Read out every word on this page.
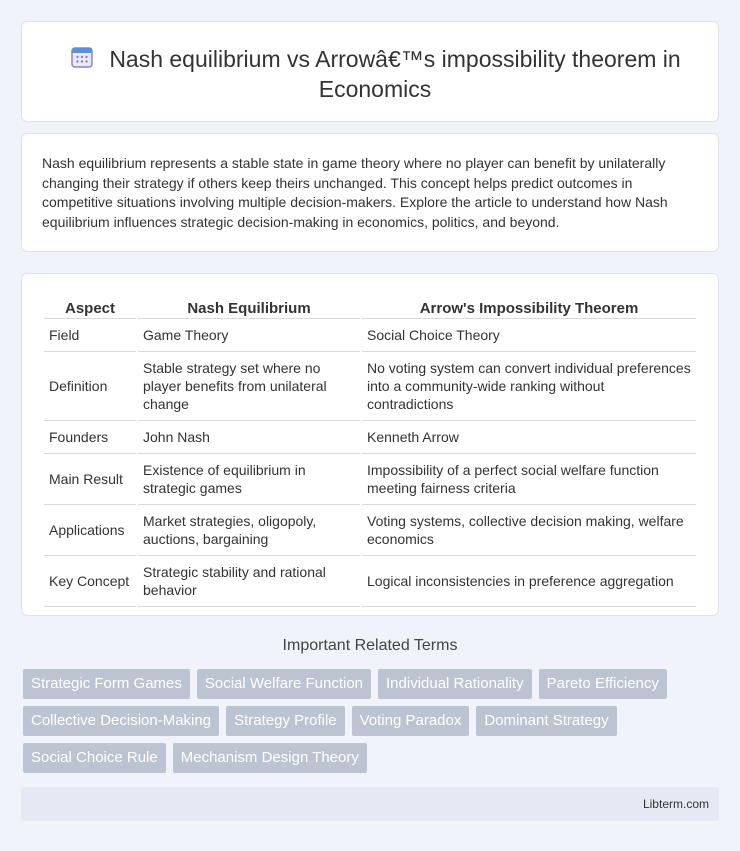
Nash equilibrium vs Arrowâ€™s impossibility theorem in Economics

Nash equilibrium represents a stable state in game theory where no player can benefit by unilaterally changing their strategy if others keep theirs unchanged. This concept helps predict outcomes in competitive situations involving multiple decision-makers. Explore the article to understand how Nash equilibrium influences strategic decision-making in economics, politics, and beyond.

Aspect	Nash Equilibrium	Arrow's Impossibility Theorem
Field	Game Theory	Social Choice Theory
Definition	Stable strategy set where no player benefits from unilateral change	No voting system can convert individual preferences into a community-wide ranking without contradictions
Founders	John Nash	Kenneth Arrow
Main Result	Existence of equilibrium in strategic games	Impossibility of a perfect social welfare function meeting fairness criteria
Applications	Market strategies, oligopoly, auctions, bargaining	Voting systems, collective decision making, welfare economics
Key Concept	Strategic stability and rational behavior	Logical inconsistencies in preference aggregation
Important Related Terms
Strategic Form Games	Social Welfare Function	Individual Rationality	Pareto Efficiency
Collective Decision-Making	Strategy Profile	Voting Paradox	Dominant Strategy
Social Choice Rule	Mechanism Design Theory
Libterm.com
